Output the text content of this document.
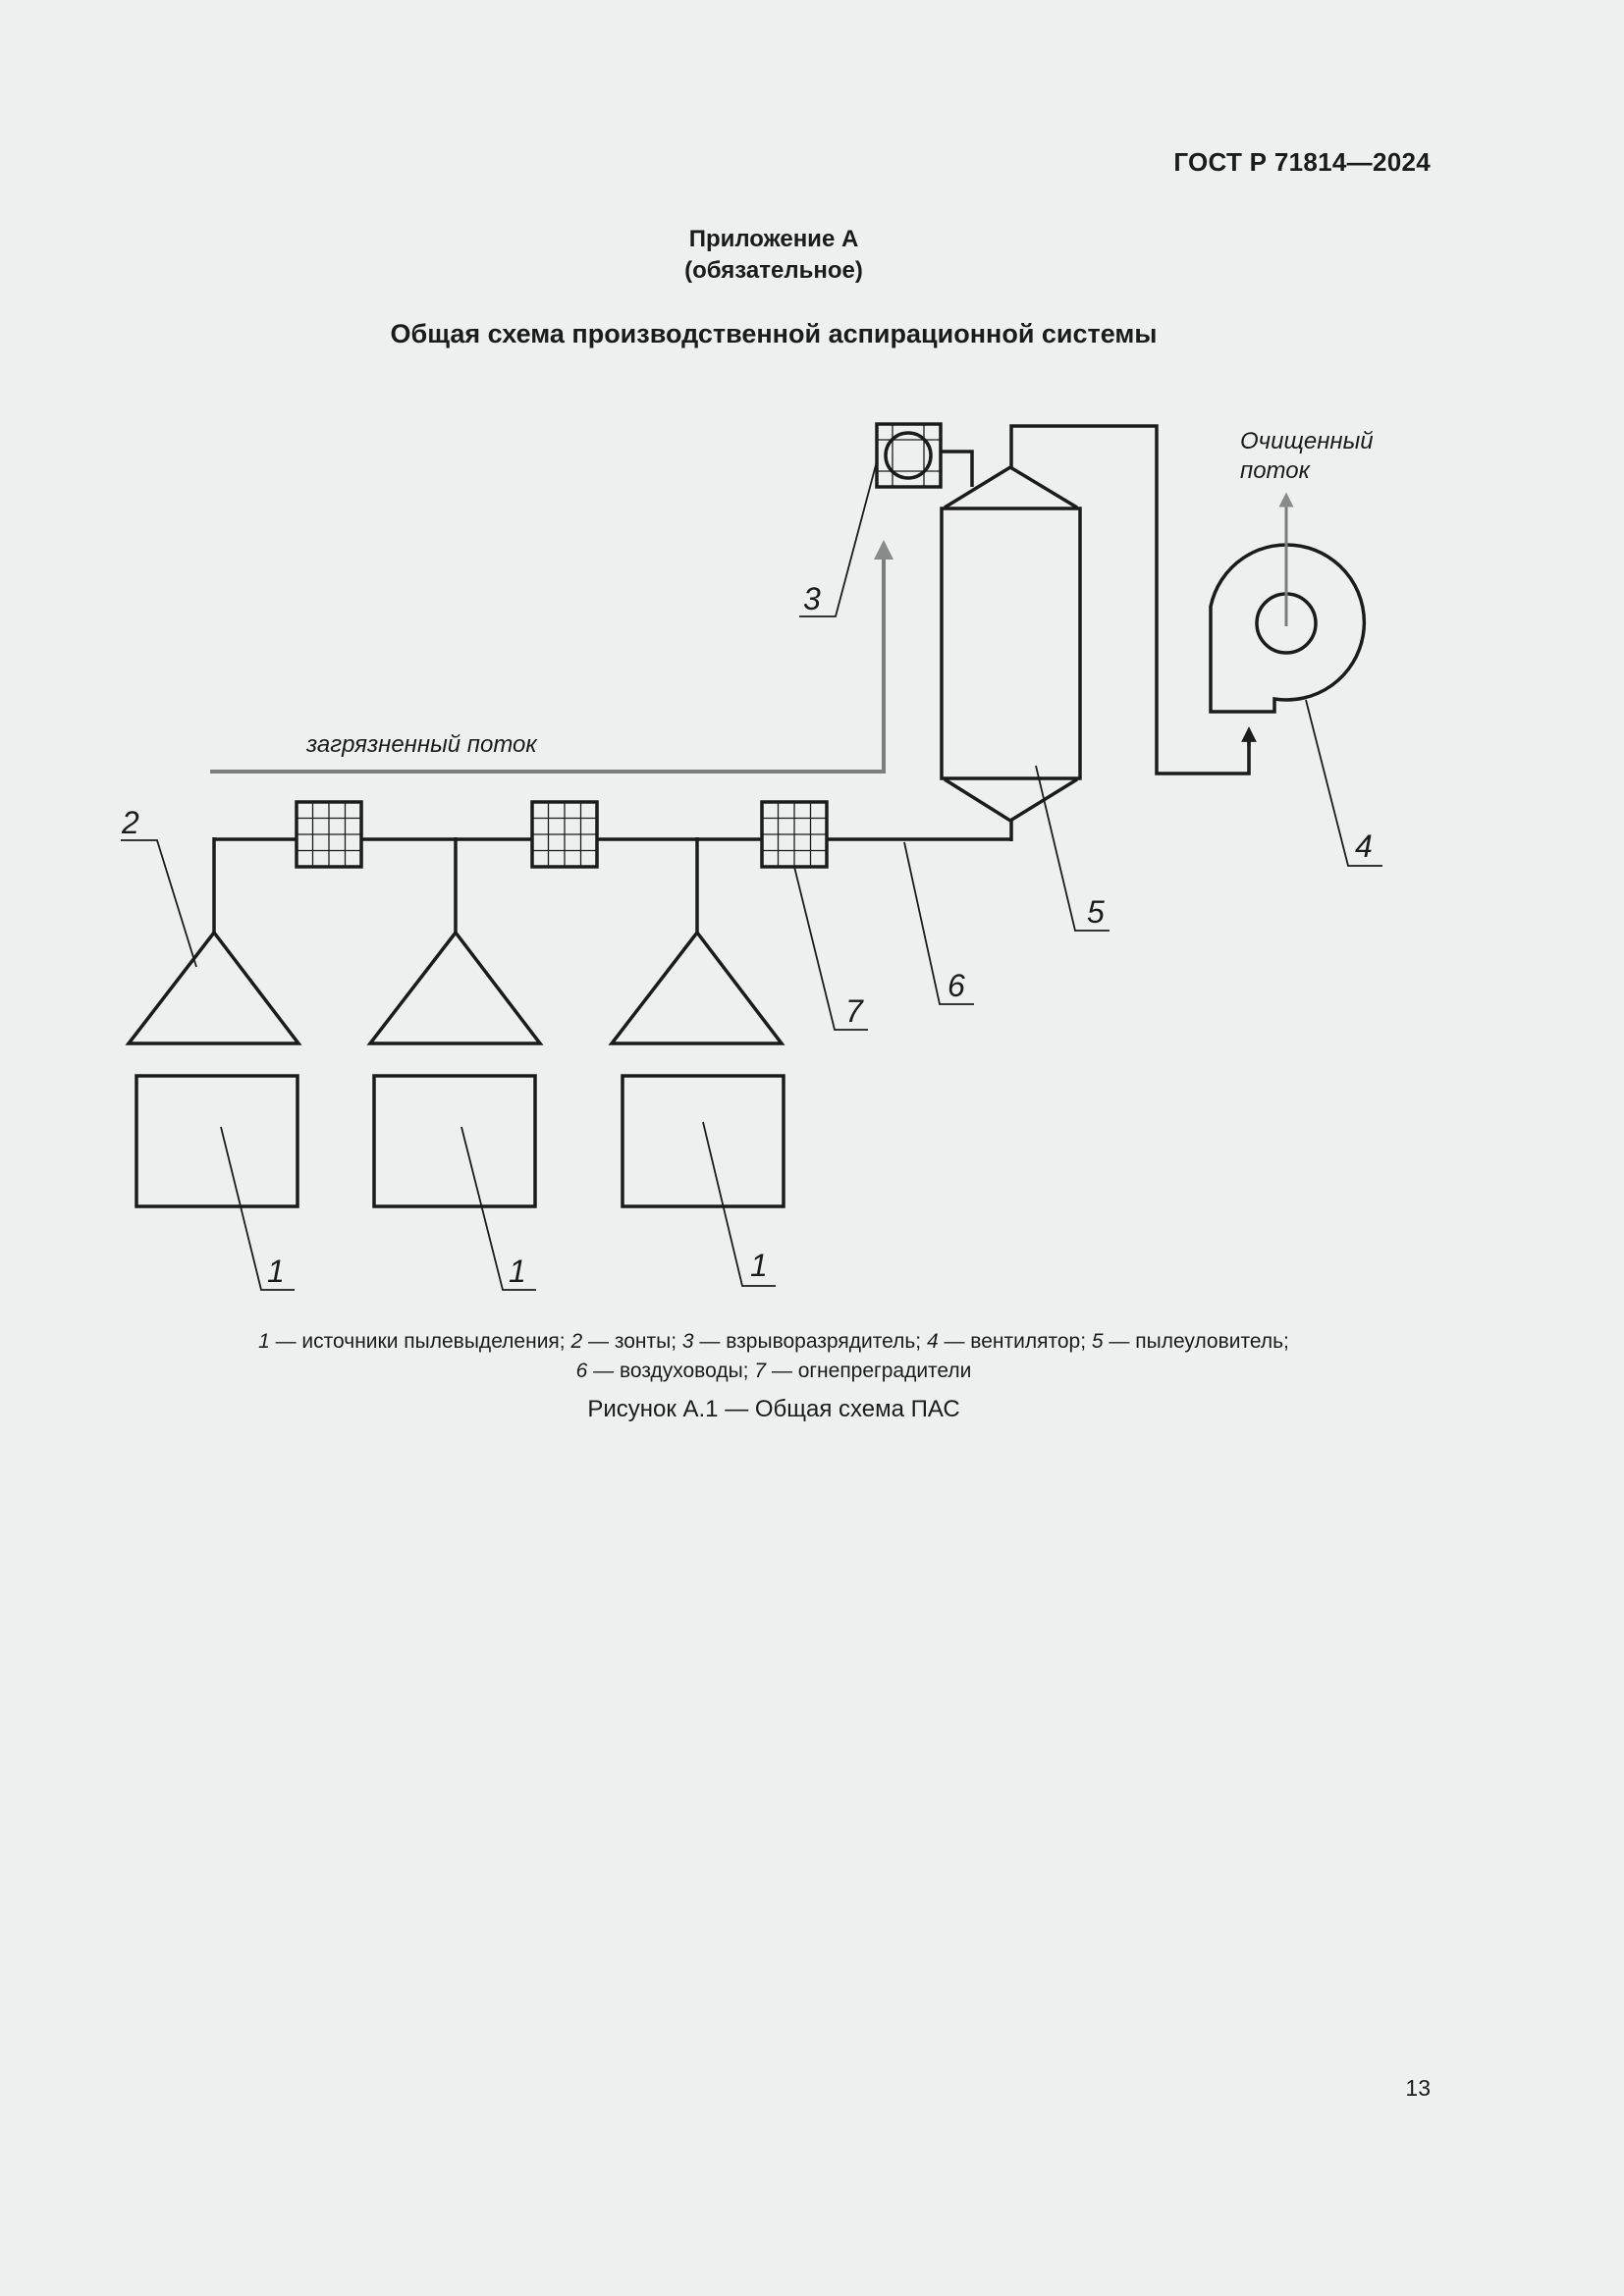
ГОСТ Р 71814—2024
Приложение А
(обязательное)
Общая схема производственной аспирационной системы
загрязненный поток
Очищенный
поток
2
3
4
5
6
7
1	1	1
1 — источники пылевыделения; 2 — зонты; 3 — взрыворазрядитель; 4 — вентилятор; 5 — пылеуловитель;
6 — воздуховоды; 7 — огнепреградители
Рисунок А.1 — Общая схема ПАС
13
